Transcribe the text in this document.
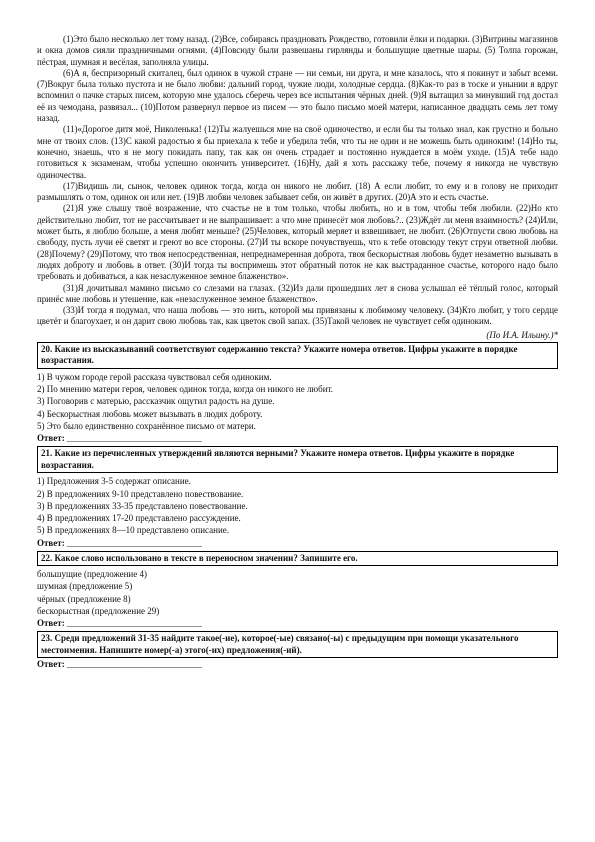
(1)Это было несколько лет тому назад. (2)Все, собираясь праздновать Рождество, готовили ёлки и подарки. (3)Витрины магазинов и окна домов сияли праздничными огнями. (4)Повсюду были развешаны гирлянды и большущие цветные шары. (5) Толпа горожан, пёстрая, шумная и весёлая, заполняла улицы.

(6)А я, беспризорный скиталец, был одинок в чужой стране — ни семьи, ни друга, и мне казалось, что я покинут и забыт всеми. (7)Вокруг была только пустота и не было любви: дальний город, чужие люди, холодные сердца. (8)Как-то раз в тоске и унынии я вдруг вспомнил о пачке старых писем, которую мне удалось сберечь через все испытания чёрных дней. (9)Я вытащил за минувший год достал её из чемодана, развязал... (10)Потом развернул первое из писем — это было письмо моей матери, написанное двадцать семь лет тому назад.

(11)«Дорогое дитя моё, Николенька! (12)Ты жалуешься мне на своё одиночество, и если бы ты только знал, как грустно и больно мне от твоих слов. (13)С какой радостью я бы приехала к тебе и убедила тебя, что ты не один и не можешь быть одиноким! (14)Но ты, конечно, знаешь, что я не могу покидать папу, так как он очень страдает и постоянно нуждается в моём уходе. (15)А тебе надо готовиться к экзаменам, чтобы успешно окончить университет. (16)Ну, дай я хоть расскажу тебе, почему я никогда не чувствую одиночества.

(17)Видишь ли, сынок, человек одинок тогда, когда он никого не любит. (18) А если любит, то ему и в голову не приходит размышлять о том, одинок он или нет. (19)В любви человек забывает себя, он живёт в других. (20)А это и есть счастье.

(21)Я уже слышу твоё возражение, что счастье не в том только, чтобы любить, но и в том, чтобы тебя любили. (22)Но кто действительно любит, тот не рассчитывает и не выпрашивает: а что мне принесёт моя любовь?.. (23)Ждёт ли меня взаимность? (24)Или, может быть, я люблю больше, а меня любят меньше? (25)Человек, который меряет и взвешивает, не любит. (26)Отпусти свою любовь на свободу, пусть лучи её светят и греют во все стороны. (27)И ты вскоре почувствуешь, что к тебе отовсюду текут струи ответной любви. (28)Почему? (29)Потому, что твоя непосредственная, непреднамеренная доброта, твоя бескорыстная любовь будет незаметно вызывать в людях доброту и любовь в ответ. (30)И тогда ты воспримешь этот обратный поток не как выстраданное счастье, которого надо было требовать и добиваться, а как незаслуженное земное блаженство».

(31)Я дочитывал мамино письмо со слезами на глазах. (32)Из дали прошедших лет я снова услышал её тёплый голос, который принёс мне любовь и утешение, как «незаслуженное земное блаженство».

(33)И тогда я подумал, что наша любовь — это нить, которой мы привязаны к любимому человеку. (34)Кто любит, у того сердце цветёт и благоухает, и он дарит свою любовь так, как цветок свой запах. (35)Такой человек не чувствует себя одиноким.

(По И.А. Ильину.)*
20. Какие из высказываний соответствуют содержанию текста? Укажите номера ответов. Цифры укажите в порядке возрастания.
1) В чужом городе герой рассказа чувствовал себя одиноким.
2) По мнению матери героя, человек одинок тогда, когда он никого не любит.
3) Поговорив с матерью, рассказчик ощутил радость на душе.
4) Бескорыстная любовь может вызывать в людях доброту.
5) Это было единственно сохранённое письмо от матери.
Ответ: ______________________________
21. Какие из перечисленных утверждений являются верными? Укажите номера ответов. Цифры укажите в порядке возрастания.
1) Предложения 3-5 содержат описание.
2) В предложениях 9-10 представлено повествование.
3) В предложениях 33-35 представлено повествование.
4) В предложениях 17-20 представлено рассуждение.
5) В предложениях 8—10 представлено описание.
Ответ: ______________________________
22. Какое слово использовано в тексте в переносном значении? Запишите его.
большущие (предложение 4)
шумная (предложение 5)
чёрных (предложение 8)
бескорыстная (предложение 29)
Ответ: ______________________________
23. Среди предложений 31-35 найдите такое(-ие), которое(-ые) связано(-ы) с предыдущим при помощи указательного местоимения. Напишите номер(-а) этого(-их) предложения(-ий).
Ответ: ______________________________
